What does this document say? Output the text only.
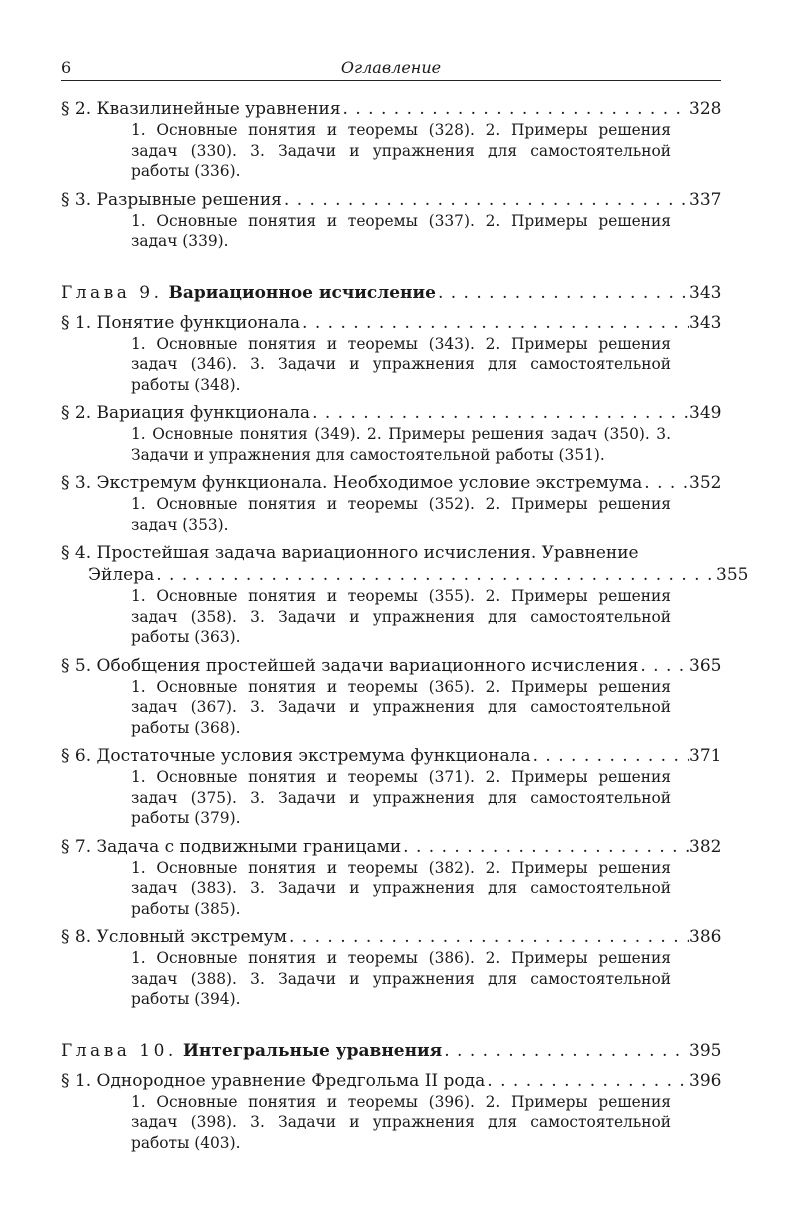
6	Оглавление
§ 2. Квазилинейные уравнения . . .	328
1. Основные понятия и теоремы (328). 2. Примеры решения задач (330). 3. Задачи и упражнения для самостоятельной работы (336).
§ 3. Разрывные решения . . .	337
1. Основные понятия и теоремы (337). 2. Примеры решения задач (339).
Глава 9. Вариационное исчисление . . .	343
§ 1. Понятие функционала . . .	343
1. Основные понятия и теоремы (343). 2. Примеры решения задач (346). 3. Задачи и упражнения для самостоятельной работы (348).
§ 2. Вариация функционала . . .	349
1. Основные понятия (349). 2. Примеры решения задач (350). 3. Задачи и упражнения для самостоятельной работы (351).
§ 3. Экстремум функционала. Необходимое условие экстремума . . .	352
1. Основные понятия и теоремы (352). 2. Примеры решения задач (353).
§ 4. Простейшая задача вариационного исчисления. Уравнение
Эйлера . . .	355
1. Основные понятия и теоремы (355). 2. Примеры решения задач (358). 3. Задачи и упражнения для самостоятельной работы (363).
§ 5. Обобщения простейшей задачи вариационного исчисления . . .	365
1. Основные понятия и теоремы (365). 2. Примеры решения задач (367). 3. Задачи и упражнения для самостоятельной работы (368).
§ 6. Достаточные условия экстремума функционала . . .	371
1. Основные понятия и теоремы (371). 2. Примеры решения задач (375). 3. Задачи и упражнения для самостоятельной работы (379).
§ 7. Задача с подвижными границами . . .	382
1. Основные понятия и теоремы (382). 2. Примеры решения задач (383). 3. Задачи и упражнения для самостоятельной работы (385).
§ 8. Условный экстремум . . .	386
1. Основные понятия и теоремы (386). 2. Примеры решения задач (388). 3. Задачи и упражнения для самостоятельной работы (394).
Глава 10. Интегральные уравнения . . .	395
§ 1. Однородное уравнение Фредгольма II рода . . .	396
1. Основные понятия и теоремы (396). 2. Примеры решения задач (398). 3. Задачи и упражнения для самостоятельной работы (403).
